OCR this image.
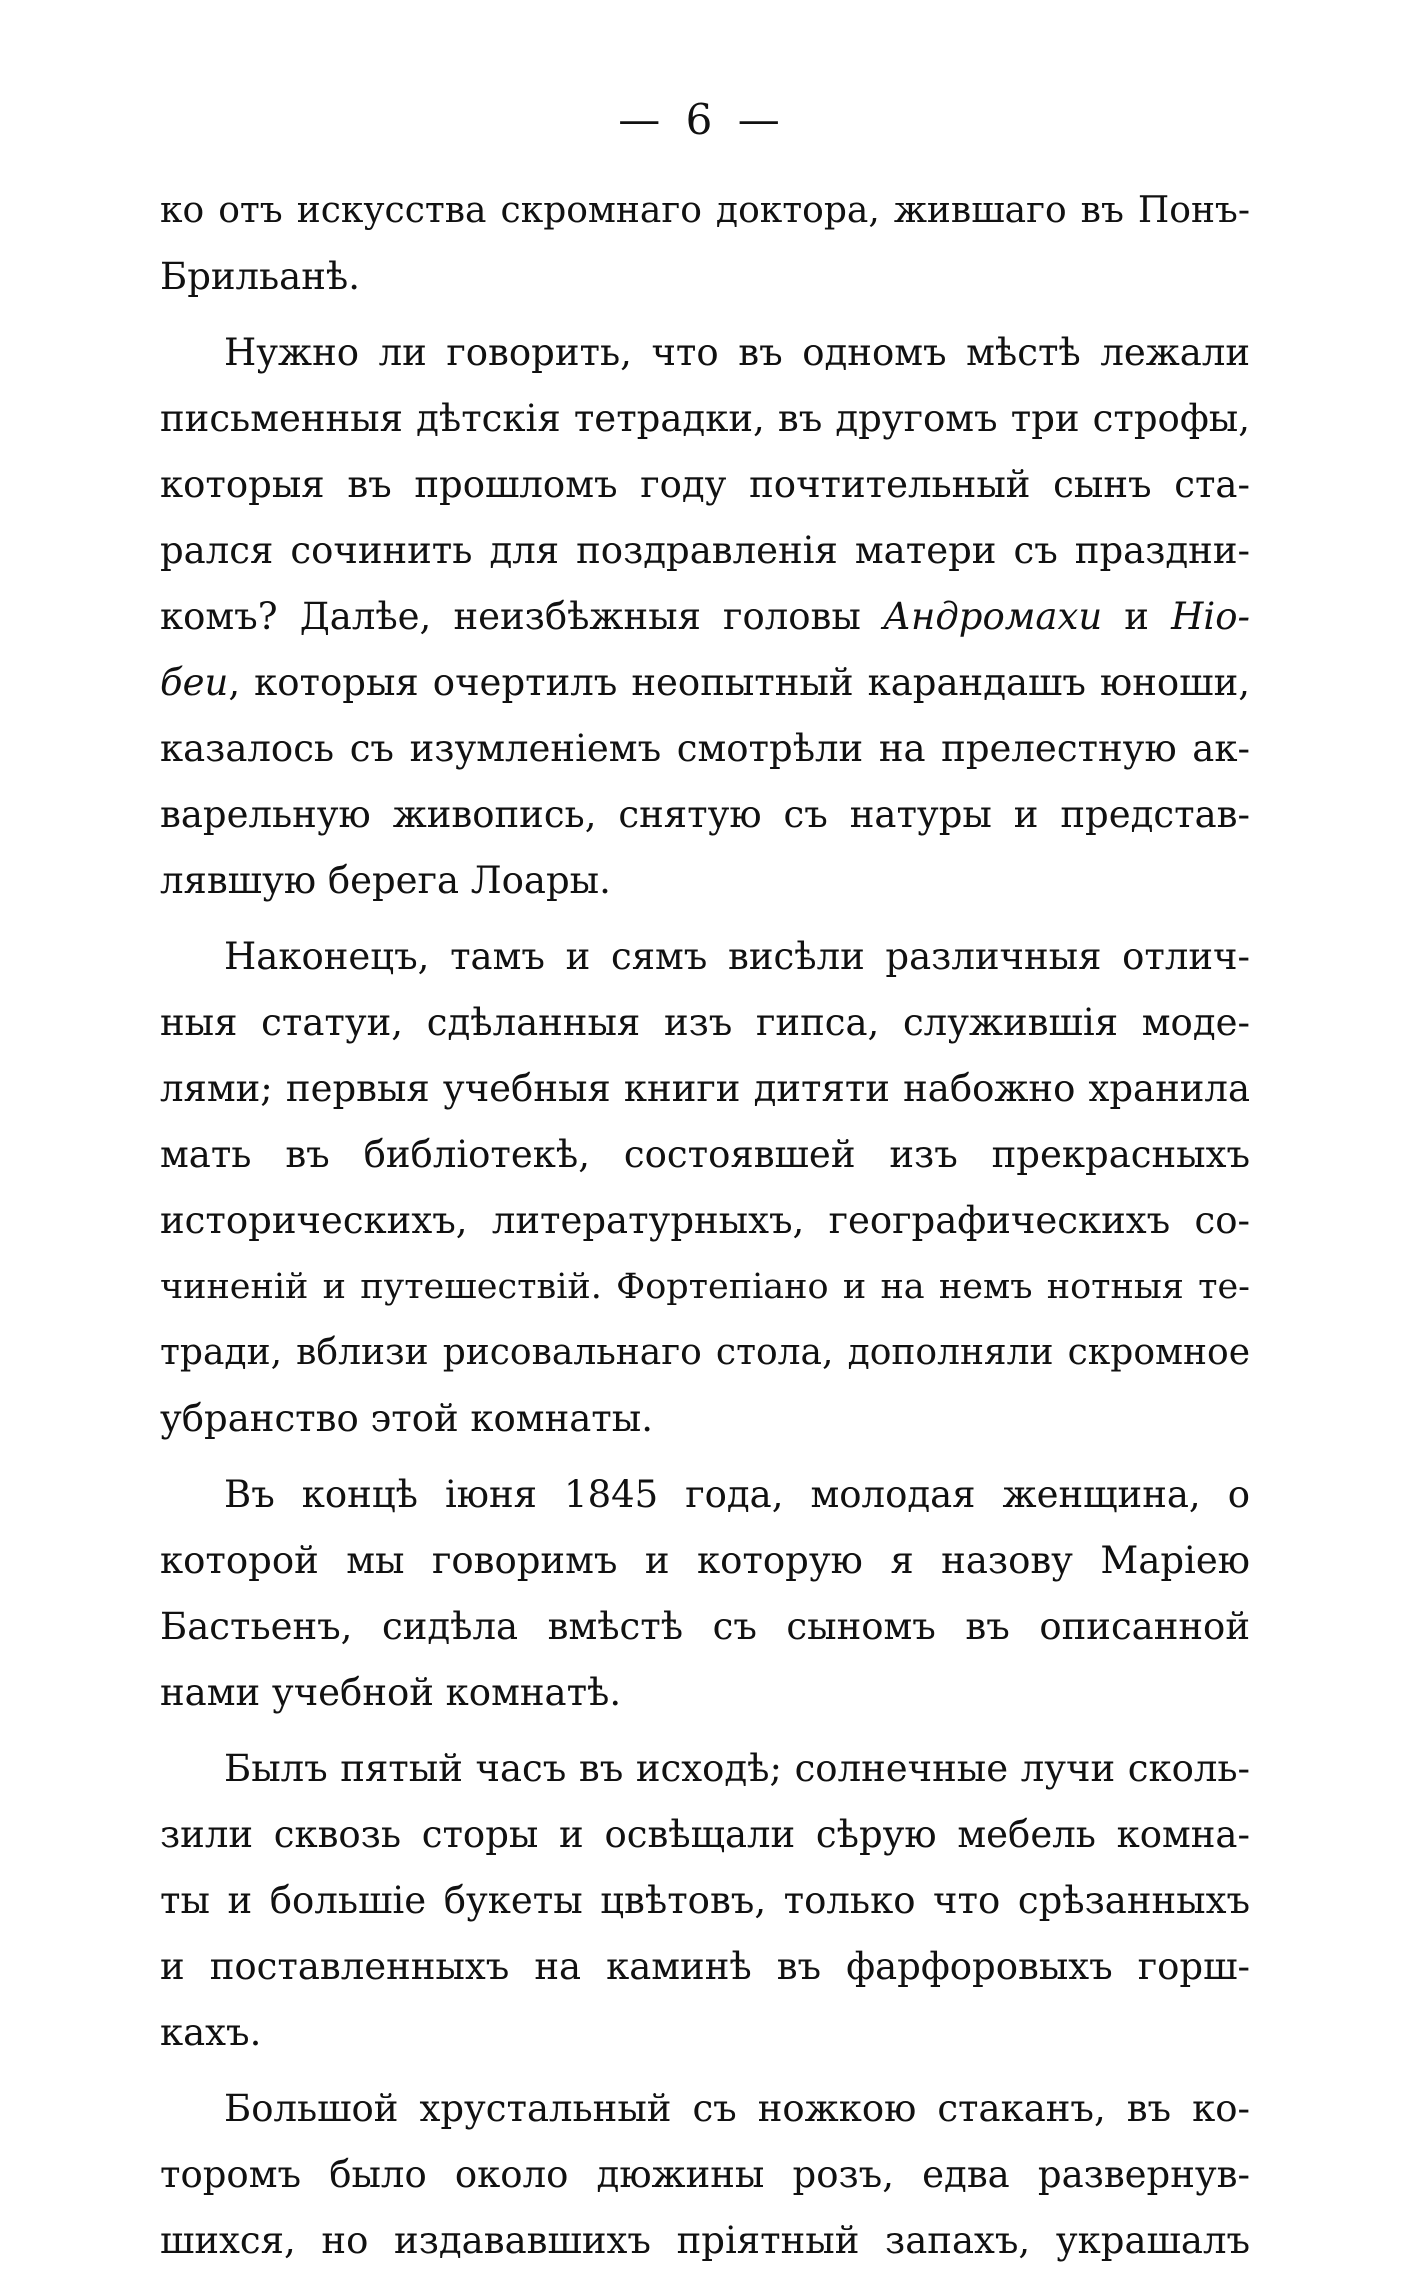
— 6 —
ко отъ искусства скромнаго доктора, жившаго въ Понъ-
Брильанѣ.
Нужно ли говорить, что въ одномъ мѣстѣ лежали
письменныя дѣтскія тетрадки, въ другомъ три строфы,
которыя въ прошломъ году почтительный сынъ ста-
рался сочинить для поздравленія матери съ праздни-
комъ? Далѣе, неизбѣжныя головы Андромахи и Ніо-
беи, которыя очертилъ неопытный карандашъ юноши,
казалось съ изумленіемъ смотрѣли на прелестную ак-
варельную живопись, снятую съ натуры и представ-
лявшую берега Лоары.
Наконецъ, тамъ и сямъ висѣли различныя отлич-
ныя статуи, сдѣланныя изъ гипса, служившія моде-
лями; первыя учебныя книги дитяти набожно хранила
мать въ библіотекѣ, состоявшей изъ прекрасныхъ
историческихъ, литературныхъ, географическихъ со-
чиненій и путешествій. Фортепіано и на немъ нотныя те-
тради, вблизи рисовальнаго стола, дополняли скромное
убранство этой комнаты.
Въ концѣ іюня 1845 года, молодая женщина, о
которой мы говоримъ и которую я назову Маріею
Бастьенъ, сидѣла вмѣстѣ съ сыномъ въ описанной
нами учебной комнатѣ.
Былъ пятый часъ въ исходѣ; солнечные лучи сколь-
зили сквозь сторы и освѣщали сѣрую мебель комна-
ты и большіе букеты цвѣтовъ, только что срѣзанныхъ
и поставленныхъ на каминѣ въ фарфоровыхъ горш-
кахъ.
Большой хрустальный съ ножкою стаканъ, въ ко-
торомъ было около дюжины розъ, едва развернув-
шихся, но издававшихъ пріятный запахъ, украшалъ
